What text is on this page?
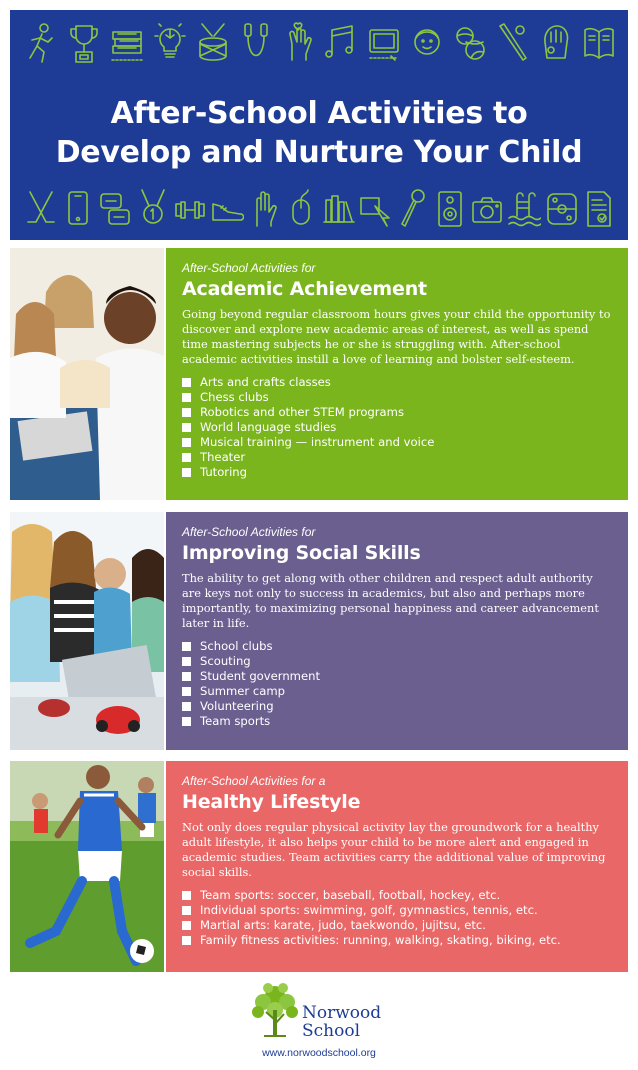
After-School Activities to
Develop and Nurture Your Child
After-School Activities for
Academic Achievement

Going beyond regular classroom hours gives your child the opportunity to discover and explore new academic areas of interest, as well as spend time mastering subjects he or she is struggling with. After-school academic activities instill a love of learning and bolster self-esteem.

Arts and crafts classes
Chess clubs
Robotics and other STEM programs
World language studies
Musical training — instrument and voice
Theater
Tutoring
After-School Activities for
Improving Social Skills

The ability to get along with other children and respect adult authority are keys not only to success in academics, but also and perhaps more importantly, to maximizing personal happiness and career advancement later in life.

School clubs
Scouting
Student government
Summer camp
Volunteering
Team sports
After-School Activities for a
Healthy Lifestyle

Not only does regular physical activity lay the groundwork for a healthy adult lifestyle, it also helps your child to be more alert and engaged in academic studies. Team activities carry the additional value of improving social skills.

Team sports: soccer, baseball, football, hockey, etc.
Individual sports: swimming, golf, gymnastics, tennis, etc.
Martial arts: karate, judo, taekwondo, jujitsu, etc.
Family fitness activities: running, walking, skating, biking, etc.
Norwood
School
www.norwoodschool.org
